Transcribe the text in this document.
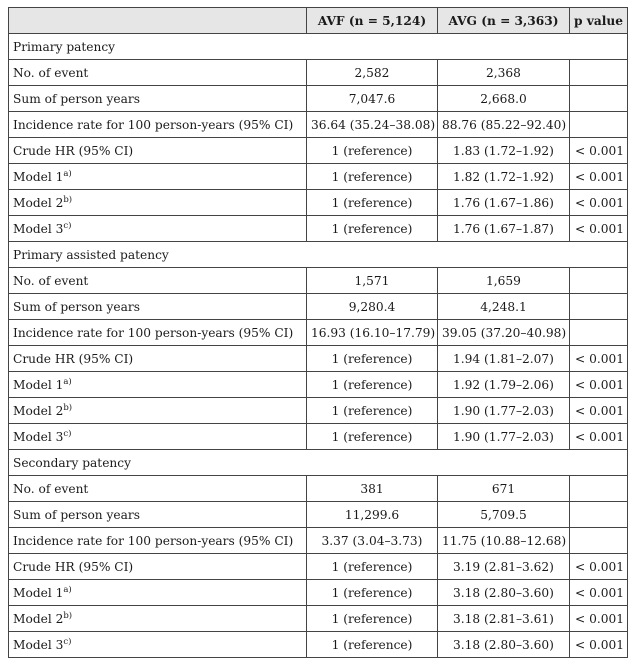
	AVF (n = 5,124)	AVG (n = 3,363)	p value
Primary patency			
No. of event	2,582	2,368	
Sum of person years	7,047.6	2,668.0	
Incidence rate for 100 person-years (95% CI)	36.64 (35.24–38.08)	88.76 (85.22–92.40)	
Crude HR (95% CI)	1 (reference)	1.83 (1.72–1.92)	< 0.001
Model 1$^{a)}$	1 (reference)	1.82 (1.72–1.92)	< 0.001
Model 2$^{b)}$	1 (reference)	1.76 (1.67–1.86)	< 0.001
Model 3$^{c)}$	1 (reference)	1.76 (1.67–1.87)	< 0.001
Primary assisted patency			
No. of event	1,571	1,659	
Sum of person years	9,280.4	4,248.1	
Incidence rate for 100 person-years (95% CI)	16.93 (16.10–17.79)	39.05 (37.20–40.98)	
Crude HR (95% CI)	1 (reference)	1.94 (1.81–2.07)	< 0.001
Model 1$^{a)}$	1 (reference)	1.92 (1.79–2.06)	< 0.001
Model 2$^{b)}$	1 (reference)	1.90 (1.77–2.03)	< 0.001
Model 3$^{c)}$	1 (reference)	1.90 (1.77–2.03)	< 0.001
Secondary patency			
No. of event	381	671	
Sum of person years	11,299.6	5,709.5	
Incidence rate for 100 person-years (95% CI)	3.37 (3.04–3.73)	11.75 (10.88–12.68)	
Crude HR (95% CI)	1 (reference)	3.19 (2.81–3.62)	< 0.001
Model 1$^{a)}$	1 (reference)	3.18 (2.80–3.60)	< 0.001
Model 2$^{b)}$	1 (reference)	3.18 (2.81–3.61)	< 0.001
Model 3$^{c)}$	1 (reference)	3.18 (2.80–3.60)	< 0.001
